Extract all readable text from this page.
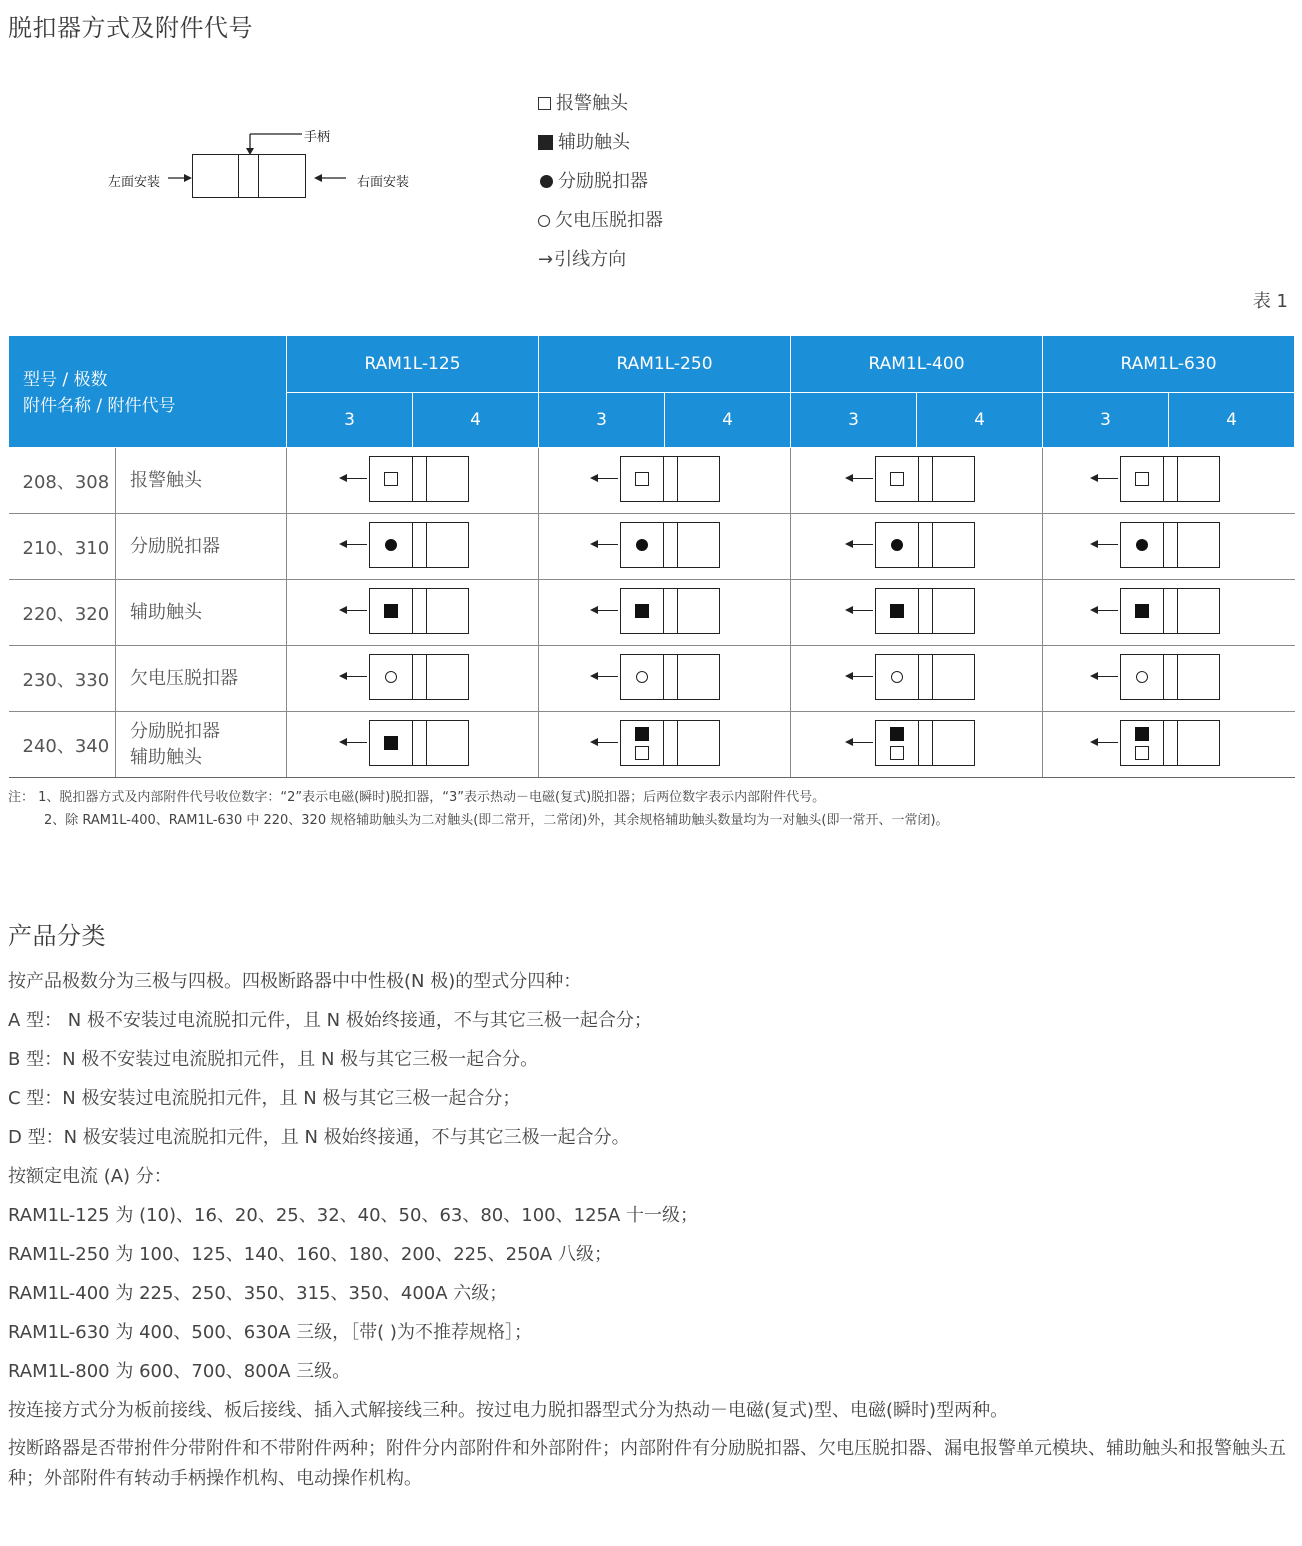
脱扣器方式及附件代号
手柄
左面安装	右面安装
报警触头
辅助触头
分励脱扣器
欠电压脱扣器
→ 引线方向
表 1
型号 / 极数
附件名称 / 附件代号		RAM1L-125		RAM1L-250		RAM1L-400		RAM1L-630	
		3	4	3	4	3	4	3	4
208、308	报警触头								

210、310	分励脱扣器								

220、320	辅助触头								

230、330	欠电压脱扣器								

240、340	分励脱扣器
辅助触头								

注： 1、脱扣器方式及内部附件代号收位数字：“2”表示电磁(瞬时)脱扣器，“3”表示热动－电磁(复式)脱扣器；后两位数字表示内部附件代号。
2、除 RAM1L-400、RAM1L-630 中 220、320 规格辅助触头为二对触头(即二常开，二常闭)外，其余规格辅助触头数量均为一对触头(即一常开、一常闭)。
产品分类

按产品极数分为三极与四极。四极断路器中中性极(N 极)的型式分四种：

A 型： N 极不安装过电流脱扣元件，且 N 极始终接通，不与其它三极一起合分；

B 型：N 极不安装过电流脱扣元件，且 N 极与其它三极一起合分。

C 型：N 极安装过电流脱扣元件，且 N 极与其它三极一起合分；

D 型：N 极安装过电流脱扣元件，且 N 极始终接通，不与其它三极一起合分。

按额定电流 (A) 分：

RAM1L-125 为 (10)、16、20、25、32、40、50、63、80、100、125A 十一级；

RAM1L-250 为 100、125、140、160、180、200、225、250A 八级；

RAM1L-400 为 225、250、350、315、350、400A 六级；

RAM1L-630 为 400、500、630A 三级，［带( )为不推荐规格］；

RAM1L-800 为 600、700、800A 三级。

按连接方式分为板前接线、板后接线、插入式解接线三种。按过电力脱扣器型式分为热动－电磁(复式)型、电磁(瞬时)型两种。

按断路器是否带拊件分带附件和不带附件两种；附件分内部附件和外部附件；内部附件有分励脱扣器、欠电压脱扣器、漏电报警单元模块、辅助触头和报警触头五种；外部附件有转动手柄操作机构、电动操作机构。
